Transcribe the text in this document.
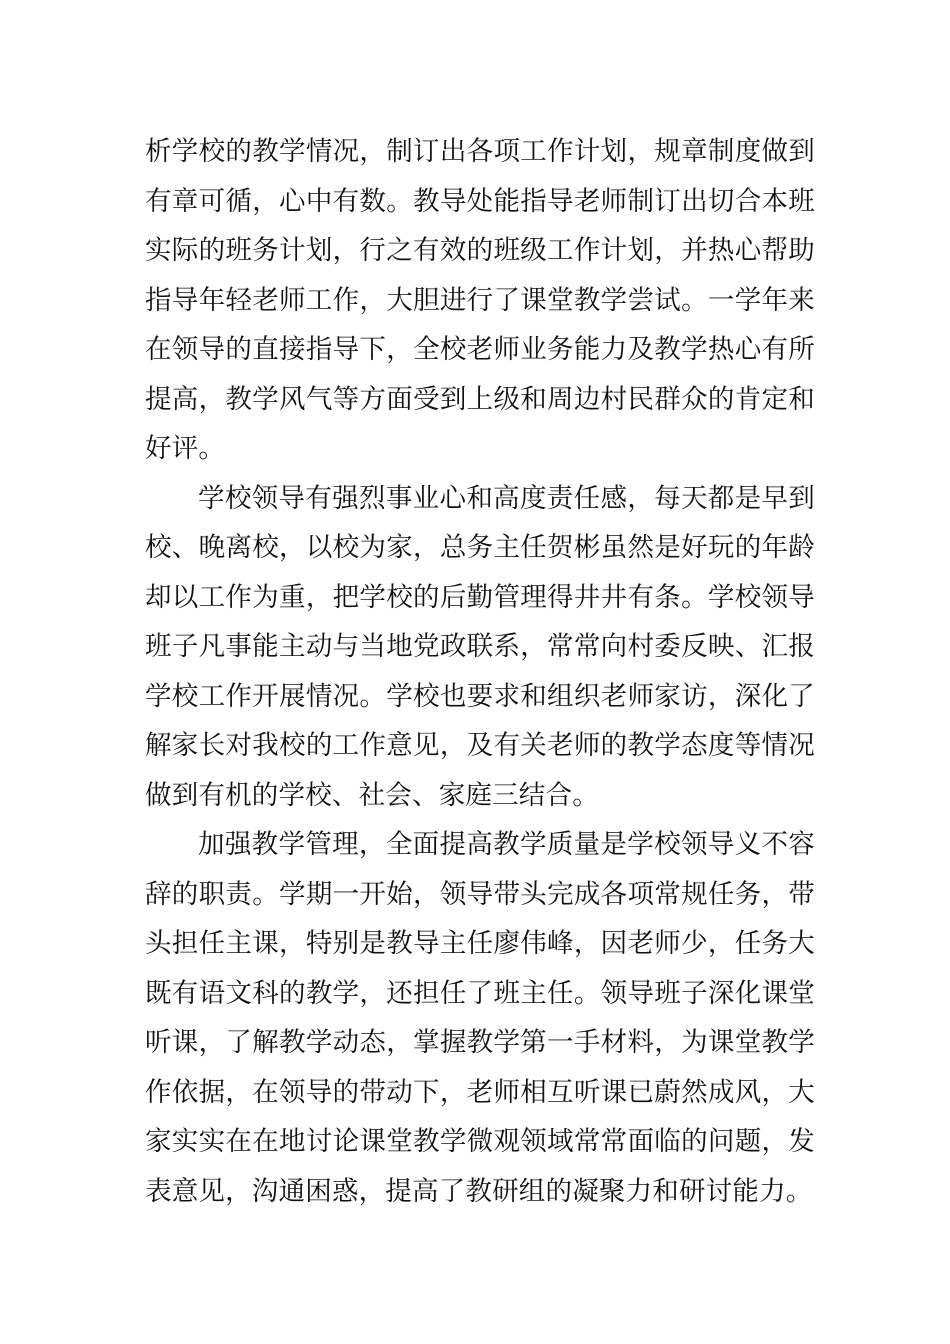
析学校的教学情况，制订出各项工作计划，规章制度做到有章可循，心中有数。教导处能指导老师制订出切合本班实际的班务计划，行之有效的班级工作计划，并热心帮助指导年轻老师工作，大胆进行了课堂教学尝试。一学年来在领导的直接指导下，全校老师业务能力及教学热心有所提高，教学风气等方面受到上级和周边村民群众的肯定和好评。

学校领导有强烈事业心和高度责任感，每天都是早到校、晚离校，以校为家，总务主任贺彬虽然是好玩的年龄却以工作为重，把学校的后勤管理得井井有条。学校领导班子凡事能主动与当地党政联系，常常向村委反映、汇报学校工作开展情况。学校也要求和组织老师家访，深化了解家长对我校的工作意见，及有关老师的教学态度等情况做到有机的学校、社会、家庭三结合。

加强教学管理，全面提高教学质量是学校领导义不容辞的职责。学期一开始，领导带头完成各项常规任务，带头担任主课，特别是教导主任廖伟峰，因老师少，任务大既有语文科的教学，还担任了班主任。领导班子深化课堂听课，了解教学动态，掌握教学第一手材料，为课堂教学作依据，在领导的带动下，老师相互听课已蔚然成风，大家实实在在地讨论课堂教学微观领域常常面临的问题，发表意见，沟通困惑，提高了教研组的凝聚力和研讨能力。
